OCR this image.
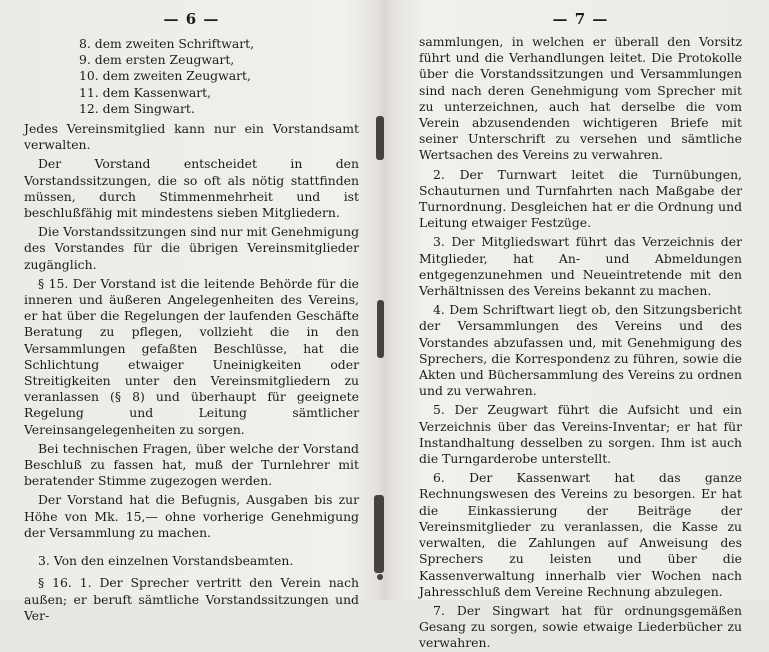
— 6 —
8. dem zweiten Schriftwart,
9. dem ersten Zeugwart,
10. dem zweiten Zeugwart,
11. dem Kassenwart,
12. dem Singwart.

Jedes Vereinsmitglied kann nur ein Vorstandsamt verwalten.

Der Vorstand entscheidet in den Vorstandssitzungen, die so oft als nötig stattfinden müssen, durch Stimmenmehrheit und ist beschlußfähig mit mindestens sieben Mitgliedern.

Die Vorstandssitzungen sind nur mit Genehmigung des Vorstandes für die übrigen Vereinsmitglieder zugänglich.

§ 15. Der Vorstand ist die leitende Behörde für die inneren und äußeren Angelegenheiten des Vereins, er hat über die Regelungen der laufenden Geschäfte Beratung zu pflegen, vollzieht die in den Versammlungen gefaßten Beschlüsse, hat die Schlichtung etwaiger Uneinigkeiten oder Streitigkeiten unter den Vereinsmitgliedern zu veranlassen (§ 8) und überhaupt für geeignete Regelung und Leitung sämtlicher Vereinsangelegenheiten zu sorgen.

Bei technischen Fragen, über welche der Vorstand Beschluß zu fassen hat, muß der Turnlehrer mit beratender Stimme zugezogen werden.

Der Vorstand hat die Befugnis, Ausgaben bis zur Höhe von Mk. 15,— ohne vorherige Genehmigung der Versammlung zu machen.

3. Von den einzelnen Vorstandsbeamten.

§ 16. 1. Der Sprecher vertritt den Verein nach außen; er beruft sämtliche Vorstandssitzungen und Ver-

— 7 —

sammlungen, in welchen er überall den Vorsitz führt und die Verhandlungen leitet. Die Protokolle über die Vorstandssitzungen und Versammlungen sind nach deren Genehmigung vom Sprecher mit zu unterzeichnen, auch hat derselbe die vom Verein abzusendenden wichtigeren Briefe mit seiner Unterschrift zu versehen und sämtliche Wertsachen des Vereins zu verwahren.

2. Der Turnwart leitet die Turnübungen, Schauturnen und Turnfahrten nach Maßgabe der Turnordnung. Desgleichen hat er die Ordnung und Leitung etwaiger Festzüge.

3. Der Mitgliedswart führt das Verzeichnis der Mitglieder, hat An- und Abmeldungen entgegenzunehmen und Neueintretende mit den Verhältnissen des Vereins bekannt zu machen.

4. Dem Schriftwart liegt ob, den Sitzungsbericht der Versammlungen des Vereins und des Vorstandes abzufassen und, mit Genehmigung des Sprechers, die Korrespondenz zu führen, sowie die Akten und Büchersammlung des Vereins zu ordnen und zu verwahren.

5. Der Zeugwart führt die Aufsicht und ein Verzeichnis über das Vereins-Inventar; er hat für Instandhaltung desselben zu sorgen. Ihm ist auch die Turngarderobe unterstellt.

6. Der Kassenwart hat das ganze Rechnungswesen des Vereins zu besorgen. Er hat die Einkassierung der Beiträge der Vereinsmitglieder zu veranlassen, die Kasse zu verwalten, die Zahlungen auf Anweisung des Sprechers zu leisten und über die Kassenverwaltung innerhalb vier Wochen nach Jahresschluß dem Vereine Rechnung abzulegen.

7. Der Singwart hat für ordnungsgemäßen Gesang zu sorgen, sowie etwaige Liederbücher zu verwahren.
